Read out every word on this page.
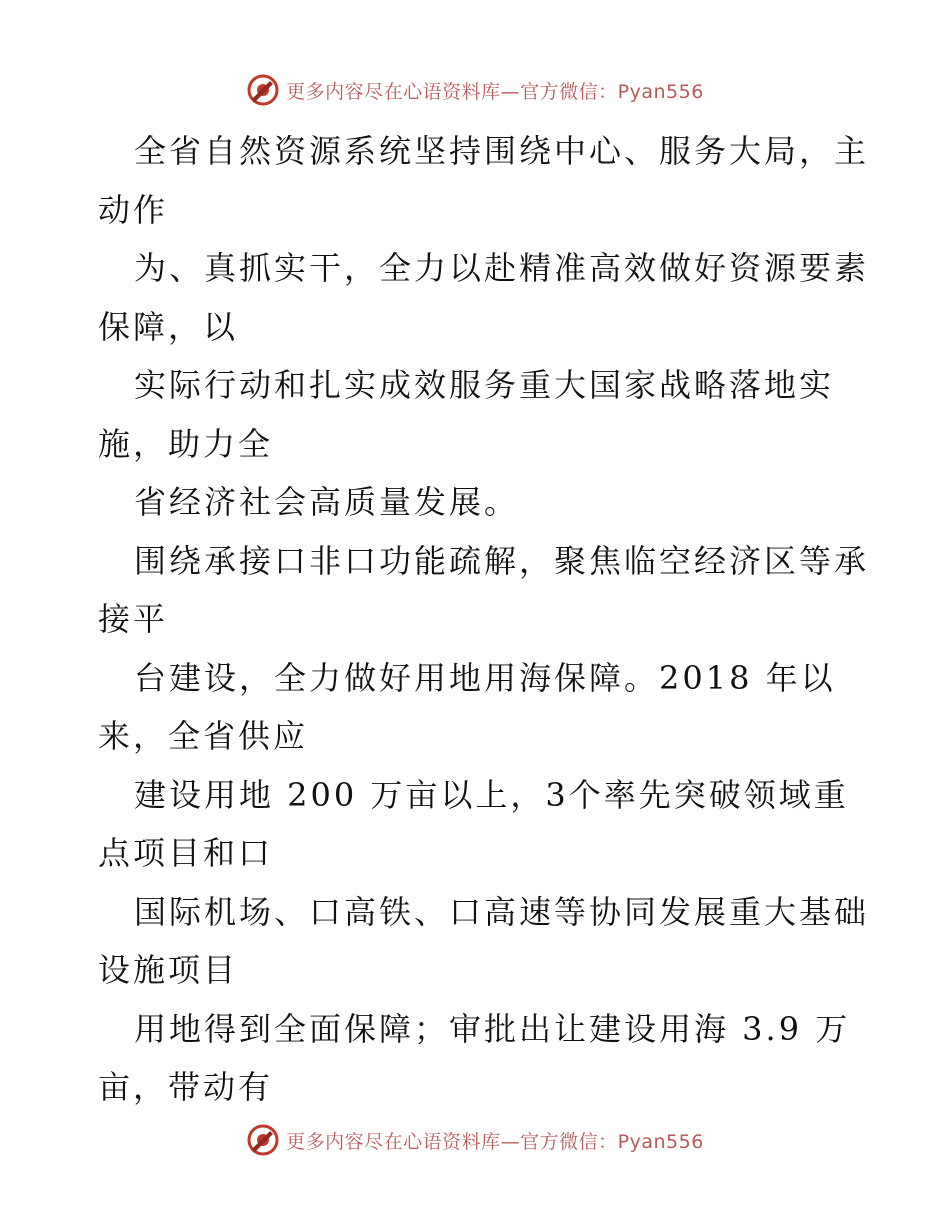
更多内容尽在心语资料库—官方微信：Pyan556

全省自然资源系统坚持围绕中心、服务大局，主

动作

为、真抓实干，全力以赴精准高效做好资源要素

保障，以

实际行动和扎实成效服务重大国家战略落地实

施，助力全

省经济社会高质量发展。

围绕承接口非口功能疏解，聚焦临空经济区等承

接平

台建设，全力做好用地用海保障。2018 年以

来，全省供应

建设用地 200 万亩以上，3个率先突破领域重

点项目和口

国际机场、口高铁、口高速等协同发展重大基础

设施项目

用地得到全面保障；审批出让建设用海 3.9 万

亩，带动有

更多内容尽在心语资料库—官方微信：Pyan556
